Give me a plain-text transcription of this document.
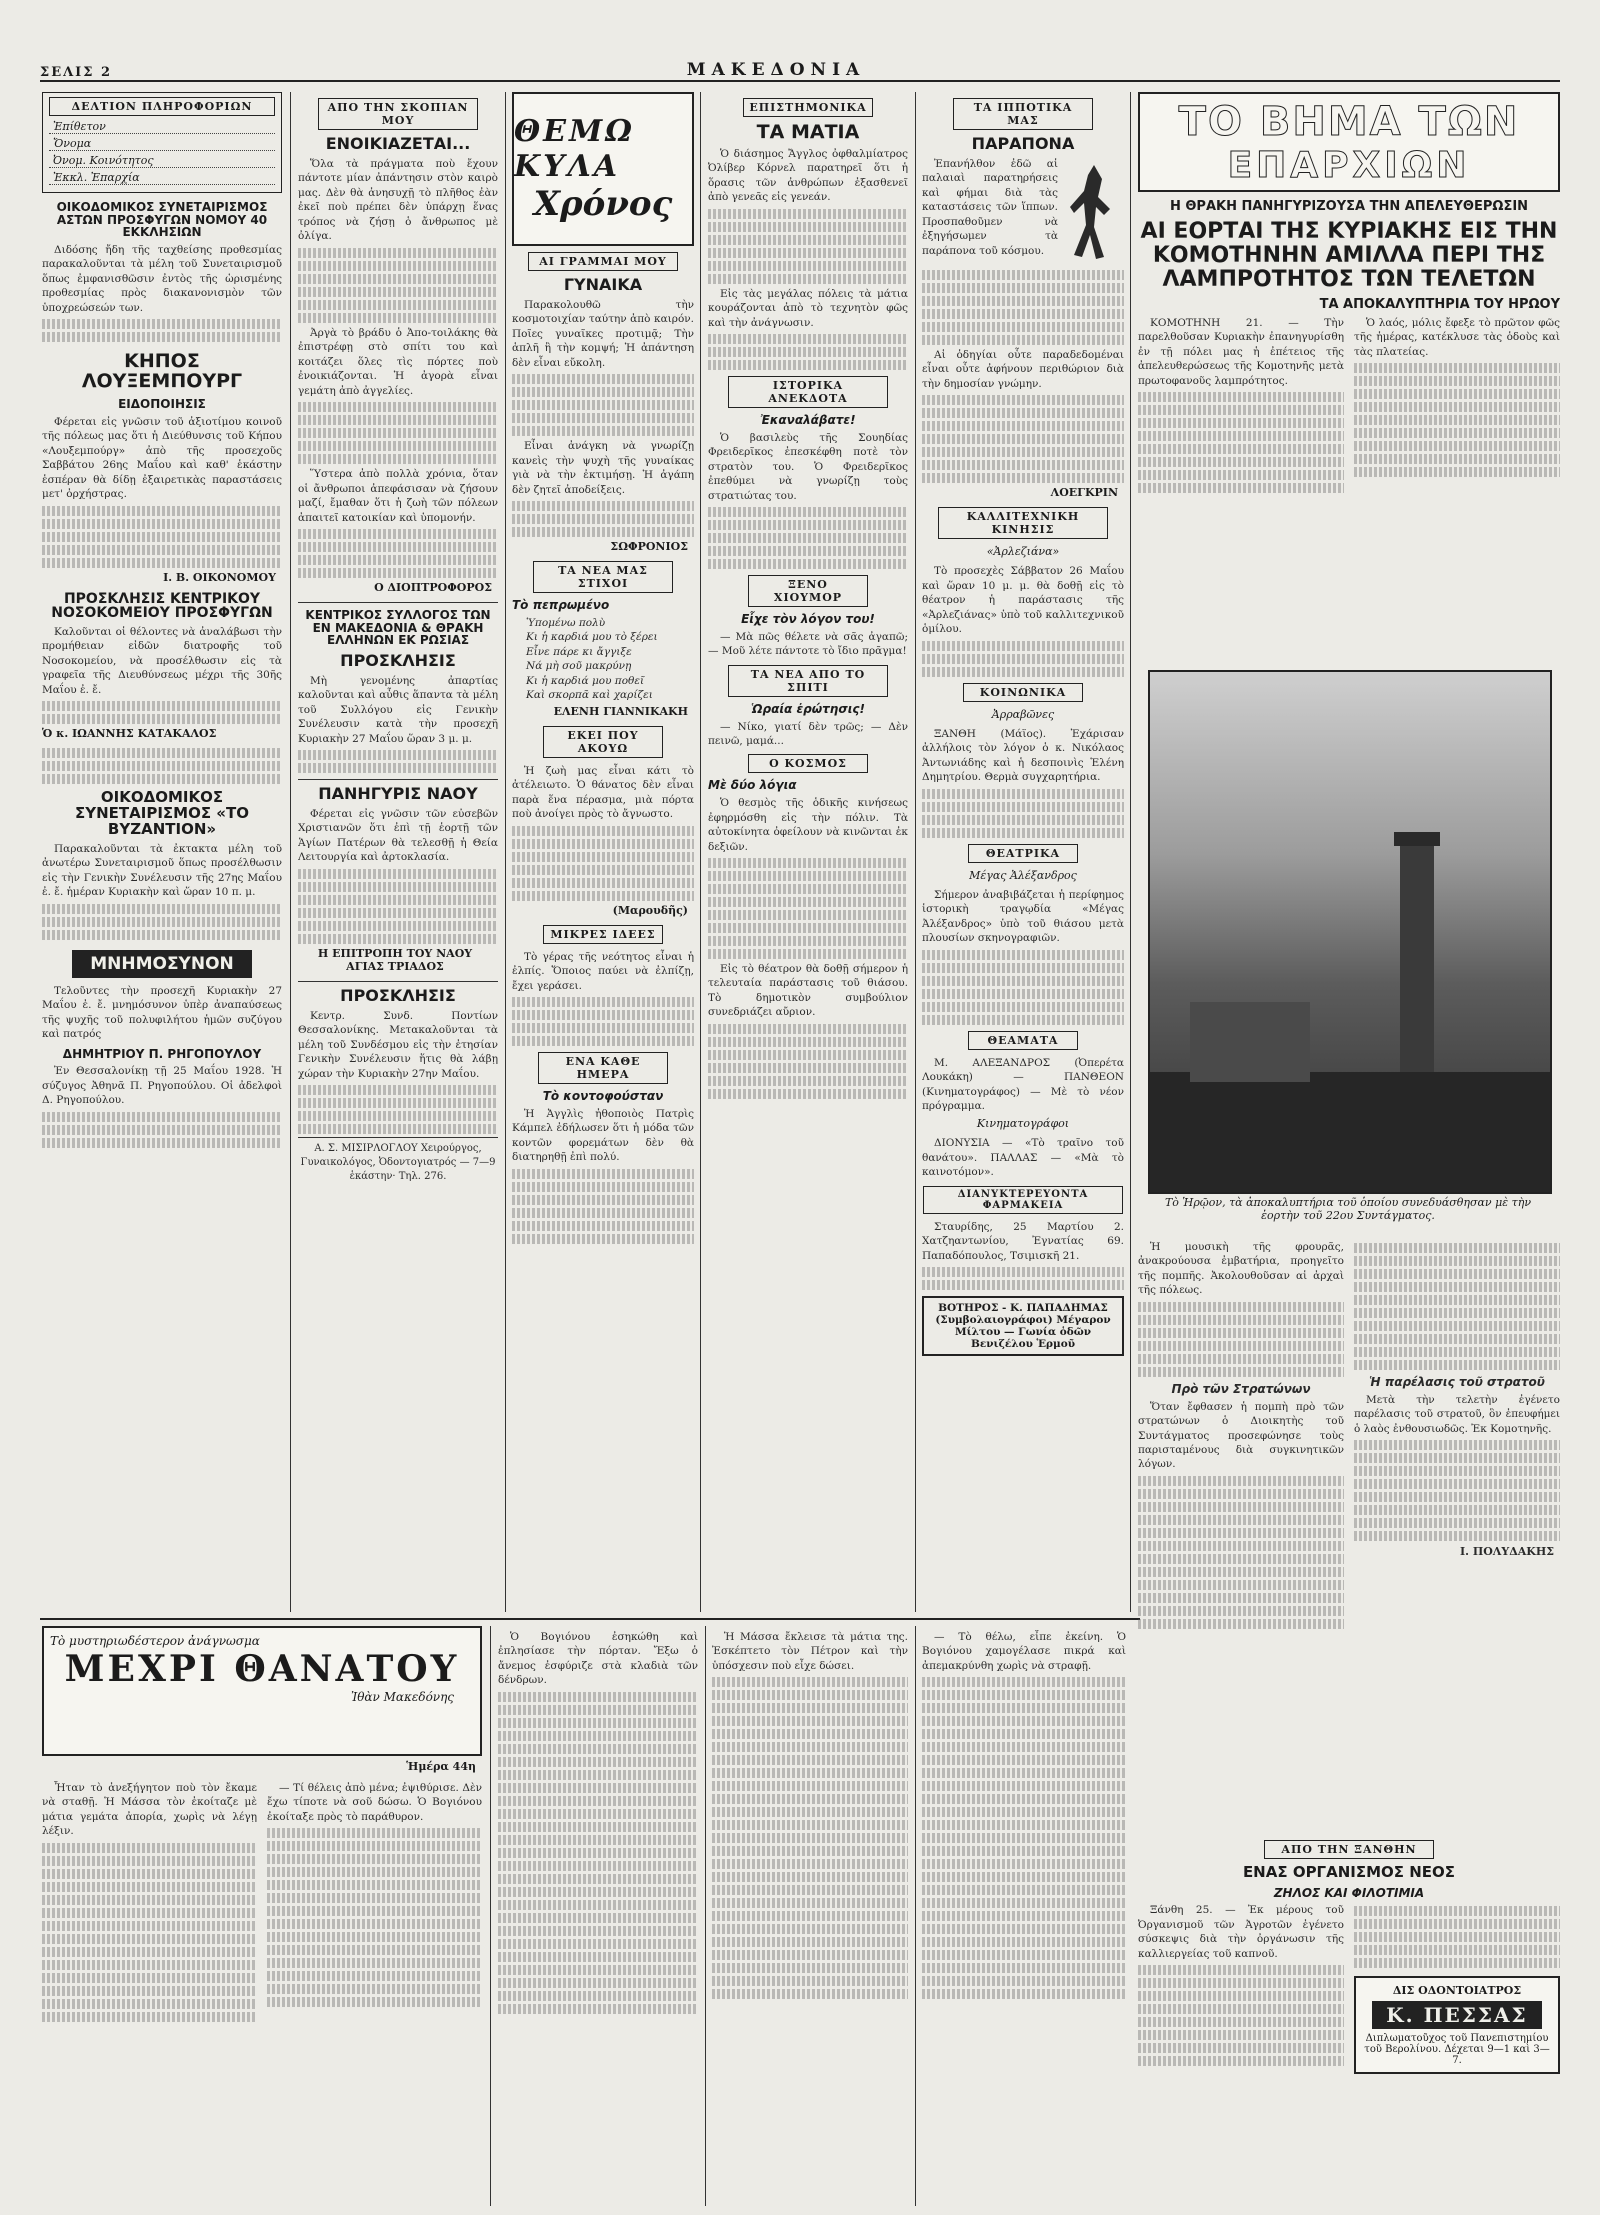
ΣΕΛΙΣ 2	ΜΑΚΕΔΟΝΙΑ
ΔΕΛΤΙΟΝ ΠΛΗΡΟΦΟΡΙΩΝ
Ἐπίθετον
Ὄνομα
Ὀνομ. Κοινότητος
Ἐκκλ. Ἐπαρχία
ΟΙΚΟΔΟΜΙΚΟΣ ΣΥΝΕΤΑΙΡΙΣΜΟΣ ΑΣΤΩΝ ΠΡΟΣΦΥΓΩΝ ΝΟΜΟΥ 40 ΕΚΚΛΗΣΙΩΝ

Διδόσης ἤδη τῆς ταχθείσης προθεσμίας παρακαλοῦνται τὰ μέλη τοῦ Συνεταιρισμοῦ ὅπως ἐμφανισθῶσιν ἐντὸς τῆς ὡρισμένης προθεσμίας πρὸς διακανονισμὸν τῶν ὑποχρεώσεών των.

ΚΗΠΟΣ ΛΟΥΞΕΜΠΟΥΡΓ
ΕΙΔΟΠΟΙΗΣΙΣ

Φέρεται εἰς γνῶσιν τοῦ ἀξιοτίμου κοινοῦ τῆς πόλεως μας ὅτι ἡ Διεύθυνσις τοῦ Κήπου «Λουξεμπούργ» ἀπὸ τῆς προσεχοῦς Σαββάτου 26ης Μαΐου καὶ καθ' ἑκάστην ἑσπέραν θὰ δίδῃ ἐξαιρετικὰς παραστάσεις μετ' ὀρχήστρας.

Ι. Β. ΟΙΚΟΝΟΜΟΥ
ΠΡΟΣΚΛΗΣΙΣ ΚΕΝΤΡΙΚΟΥ ΝΟΣΟΚΟΜΕΙΟΥ ΠΡΟΣΦΥΓΩΝ

Καλοῦνται οἱ θέλοντες νὰ ἀναλάβωσι τὴν προμήθειαν εἰδῶν διατροφῆς τοῦ Νοσοκομείου, νὰ προσέλθωσιν εἰς τὰ γραφεῖα τῆς Διευθύνσεως μέχρι τῆς 30ῆς Μαΐου ἐ. ἔ.

Ὁ κ. ΙΩΑΝΝΗΣ ΚΑΤΑΚΑΛΟΣ
ΟΙΚΟΔΟΜΙΚΟΣ ΣΥΝΕΤΑΙΡΙΣΜΟΣ «ΤΟ ΒΥΖΑΝΤΙΟΝ»

Παρακαλοῦνται τὰ ἐκτακτα μέλη τοῦ ἀνωτέρω Συνεταιρισμοῦ ὅπως προσέλθωσιν εἰς τὴν Γενικὴν Συνέλευσιν τῆς 27ης Μαΐου ἐ. ἔ. ἡμέραν Κυριακὴν καὶ ὥραν 10 π. μ.

ΜΝΗΜΟΣΥΝΟΝ

Τελοῦντες τὴν προσεχῆ Κυριακὴν 27 Μαΐου ἐ. ἔ. μνημόσυνον ὑπὲρ ἀναπαύσεως τῆς ψυχῆς τοῦ πολυφιλήτου ἡμῶν συζύγου καὶ πατρός

ΔΗΜΗΤΡΙΟΥ Π. ΡΗΓΟΠΟΥΛΟΥ

Ἐν Θεσσαλονίκῃ τῇ 25 Μαΐου 1928. Ἡ σύζυγος Ἀθηνᾶ Π. Ρηγοπούλου. Οἱ ἀδελφοὶ Δ. Ρηγοπούλου.

ΑΠΟ ΤΗΝ ΣΚΟΠΙΑΝ ΜΟΥ
ΕΝΟΙΚΙΑΖΕΤΑΙ...

Ὅλα τὰ πράγματα ποὺ ἔχουν πάντοτε μίαν ἀπάντησιν στὸν καιρὸ μας. Δὲν θὰ ἀνησυχῇ τὸ πλῆθος ἐὰν ἐκεῖ ποὺ πρέπει δὲν ὑπάρχῃ ἕνας τρόπος νὰ ζήσῃ ὁ ἄνθρωπος μὲ ὀλίγα.

Ἀργὰ τὸ βράδυ ὁ Ἀπο-τοιλάκης θὰ ἐπιστρέφῃ στὸ σπίτι του καὶ κοιτάζει ὅλες τὶς πόρτες ποὺ ἐνοικιάζονται. Ἡ ἀγορὰ εἶναι γεμάτη ἀπὸ ἀγγελίες.

Ὕστερα ἀπὸ πολλὰ χρόνια, ὅταν οἱ ἄνθρωποι ἀπεφάσισαν νὰ ζήσουν μαζί, ἔμαθαν ὅτι ἡ ζωὴ τῶν πόλεων ἀπαιτεῖ κατοικίαν καὶ ὑπομονήν.

Ο ΔΙΟΠΤΡΟΦΟΡΟΣ
ΚΕΝΤΡΙΚΟΣ ΣΥΛΛΟΓΟΣ ΤΩΝ ΕΝ ΜΑΚΕΔΟΝΙΑ & ΘΡΑΚΗ ΕΛΛΗΝΩΝ ΕΚ ΡΩΣΙΑΣ
ΠΡΟΣΚΛΗΣΙΣ

Μὴ γενομένης ἀπαρτίας καλοῦνται καὶ αὖθις ἅπαντα τὰ μέλη τοῦ Συλλόγου εἰς Γενικὴν Συνέλευσιν κατὰ τὴν προσεχῆ Κυριακὴν 27 Μαΐου ὥραν 3 μ. μ.

ΠΑΝΗΓΥΡΙΣ ΝΑΟΥ

Φέρεται εἰς γνῶσιν τῶν εὐσεβῶν Χριστιανῶν ὅτι ἐπὶ τῇ ἑορτῇ τῶν Ἁγίων Πατέρων θὰ τελεσθῇ ἡ Θεία Λειτουργία καὶ ἀρτοκλασία.

Η ΕΠΙΤΡΟΠΗ ΤΟΥ ΝΑΟΥ ΑΓΙΑΣ ΤΡΙΑΔΟΣ
ΠΡΟΣΚΛΗΣΙΣ

Κεντρ. Συνδ. Ποντίων Θεσσαλονίκης. Μετακαλοῦνται τὰ μέλη τοῦ Συνδέσμου εἰς τὴν ἐτησίαν Γενικὴν Συνέλευσιν ἥτις θὰ λάβῃ χώραν τὴν Κυριακὴν 27ην Μαΐου.

Α. Σ. ΜΙΣΙΡΛΟΓΛΟΥ Χειρούργος, Γυναικολόγος, Ὀδοντογιατρός — 7—9 ἑκάστην· Τηλ. 276.
ΘΕΜΩ ΚΥΛΑ
Χρόνος
ΑΙ ΓΡΑΜΜΑΙ ΜΟΥ
ΓΥΝΑΙΚΑ

Παρακολουθῶ τὴν κοσμοτοιχίαν ταύτην ἀπὸ καιρόν. Ποῖες γυναῖκες προτιμᾷ; Τὴν ἁπλῆ ἢ τὴν κομψή; Ἡ ἀπάντηση δὲν εἶναι εὔκολη.

Εἶναι ἀνάγκη νὰ γνωρίζῃ κανεὶς τὴν ψυχὴ τῆς γυναίκας γιὰ νὰ τὴν ἐκτιμήσῃ. Ἡ ἀγάπη δὲν ζητεῖ ἀποδείξεις.

ΣΩΦΡΟΝΙΟΣ
ΤΑ ΝΕΑ ΜΑΣ ΣΤΙΧΟΙ
Τὸ πεπρωμένο
Ὑπομένω πολὺ
Κι ἡ καρδιά μου τὸ ξέρει
Εἶνε πάρε κι ἄγγιξε
Νά μὴ σοῦ μακρύνῃ
Κι ἡ καρδιά μου ποθεῖ
Καὶ σκορπᾶ καὶ χαρίζει
ΕΛΕΝΗ ΓΙΑΝΝΙΚΑΚΗ
ΕΚΕΙ ΠΟΥ ΑΚΟΥΩ

Ἡ ζωὴ μας εἶναι κάτι τὸ ἀτέλειωτο. Ὁ θάνατος δὲν εἶναι παρὰ ἕνα πέρασμα, μιὰ πόρτα ποὺ ἀνοίγει πρὸς τὸ ἄγνωστο.

(Μαρουδῆς)
ΜΙΚΡΕΣ ΙΔΕΕΣ

Τὸ γέρας τῆς νεότητος εἶναι ἡ ἐλπίς. Ὅποιος παύει νὰ ἐλπίζῃ, ἔχει γεράσει.

ΕΝΑ ΚΑΘΕ ΗΜΕΡΑ
Τὸ κοντοφούσταν

Ἡ Ἀγγλὶς ἠθοποιὸς Πατρὶς Κάμπελ ἐδήλωσεν ὅτι ἡ μόδα τῶν κοντῶν φορεμάτων δὲν θὰ διατηρηθῇ ἐπὶ πολύ.

ΕΠΙΣΤΗΜΟΝΙΚΑ
ΤΑ ΜΑΤΙΑ

Ὁ διάσημος Ἄγγλος ὀφθαλμίατρος Ὀλίβερ Κόρνελ παρατηρεῖ ὅτι ἡ ὅρασις τῶν ἀνθρώπων ἐξασθενεῖ ἀπὸ γενεᾶς εἰς γενεάν.

Εἰς τὰς μεγάλας πόλεις τὰ μάτια κουράζονται ἀπὸ τὸ τεχνητὸν φῶς καὶ τὴν ἀνάγνωσιν.

ΙΣΤΟΡΙΚΑ ΑΝΕΚΔΟΤΑ
Ἐκαναλάβατε!

Ὁ βασιλεὺς τῆς Σουηδίας Φρειδερῖκος ἐπεσκέφθη ποτὲ τὸν στρατὸν του. Ὁ Φρειδερῖκος ἐπεθύμει νὰ γνωρίζῃ τοὺς στρατιώτας του.

ΞΕΝΟ ΧΙΟΥΜΟΡ
Εἶχε τὸν λόγον του!

— Μὰ πῶς θέλετε νὰ σᾶς ἀγαπῶ; — Μοῦ λέτε πάντοτε τὸ ἴδιο πρᾶγμα!

ΤΑ ΝΕΑ ΑΠΟ ΤΟ ΣΠΙΤΙ
Ὡραία ἐρώτησις!

— Νίκο, γιατί δὲν τρῶς; — Δὲν πεινῶ, μαμά...

Ο ΚΟΣΜΟΣ
Μὲ δύο λόγια

Ὁ θεσμὸς τῆς ὁδικῆς κινήσεως ἐφηρμόσθη εἰς τὴν πόλιν. Τὰ αὐτοκίνητα ὀφείλουν νὰ κινῶνται ἐκ δεξιῶν.

Εἰς τὸ θέατρον θὰ δοθῇ σήμερον ἡ τελευταία παράστασις τοῦ θιάσου. Τὸ δημοτικὸν συμβούλιον συνεδριάζει αὔριον.

ΤΑ ΙΠΠΟΤΙΚΑ ΜΑΣ
ΠΑΡΑΠΟΝΑ

Ἐπανήλθον ἐδῶ αἱ παλαιαὶ παρατηρήσεις καὶ φήμαι διὰ τὰς καταστάσεις τῶν ἵππων. Προσπαθοῦμεν νὰ ἐξηγήσωμεν τὰ παράπονα τοῦ κόσμου.

Αἱ ὁδηγίαι οὗτε παραδεδομέναι εἶναι οὗτε ἀφήνουν περιθώριον διὰ τὴν δημοσίαν γνώμην.

ΛΟΕΓΚΡΙΝ
ΚΑΛΛΙΤΕΧΝΙΚΗ ΚΙΝΗΣΙΣ
«Ἀρλεζιάνα»

Τὸ προσεχὲς Σάββατον 26 Μαΐου καὶ ὥραν 10 μ. μ. θὰ δοθῇ εἰς τὸ θέατρον ἡ παράστασις τῆς «Ἀρλεζιάνας» ὑπὸ τοῦ καλλιτεχνικοῦ ὁμίλου.

ΚΟΙΝΩΝΙΚΑ
Ἀρραβῶνες

ΞΑΝΘΗ (Μάϊος). Ἐχάρισαν ἀλλήλοις τὸν λόγον ὁ κ. Νικόλαος Ἀντωνιάδης καὶ ἡ δεσποινὶς Ἑλένη Δημητρίου. Θερμὰ συγχαρητήρια.

ΘΕΑΤΡΙΚΑ
Μέγας Ἀλέξανδρος

Σήμερον ἀναβιβάζεται ἡ περίφημος ἱστορικὴ τραγῳδία «Μέγας Ἀλέξανδρος» ὑπὸ τοῦ θιάσου μετὰ πλουσίων σκηνογραφιῶν.

ΘΕΑΜΑΤΑ

Μ. ΑΛΕΞΑΝΔΡΟΣ (Ὀπερέτα Λουκάκη) — ΠΑΝΘΕΟΝ (Κινηματογράφος) — Μὲ τὸ νέον πρόγραμμα.

Κινηματογράφοι

ΔΙΟΝΥΣΙΑ — «Τὸ τραῖνο τοῦ θανάτου». ΠΑΛΛΑΣ — «Μὰ τὸ καινοτόμον».

ΔΙΑΝΥΚΤΕΡΕΥΟΝΤΑ ΦΑΡΜΑΚΕΙΑ

Σταυρίδης, 25 Μαρτίου 2. Χατζηαντωνίου, Ἐγνατίας 69. Παπαδόπουλος, Τσιμισκῆ 21.

ΒΟΤΗΡΟΣ - Κ. ΠΑΠΑΔΗΜΑΣ (Συμβολαιογράφοι) Μέγαρον Μίλτου — Γωνία ὁδῶν Βενιζέλου Ἑρμοῦ
ΤΟ ΒΗΜΑ ΤΩΝ
ΕΠΑΡΧΙΩΝ
Η ΘΡΑΚΗ ΠΑΝΗΓΥΡΙΖΟΥΣΑ ΤΗΝ ΑΠΕΛΕΥΘΕΡΩΣΙΝ
ΑΙ ΕΟΡΤΑΙ ΤΗΣ ΚΥΡΙΑΚΗΣ ΕΙΣ ΤΗΝ ΚΟΜΟΤΗΝΗΝ ΑΜΙΛΛΑ ΠΕΡΙ ΤΗΣ ΛΑΜΠΡΟΤΗΤΟΣ ΤΩΝ ΤΕΛΕΤΩΝ
ΤΑ ΑΠΟΚΑΛΥΠΤΗΡΙΑ ΤΟΥ ΗΡΩΟΥ

ΚΟΜΟΤΗΝΗ 21. — Τὴν παρελθοῦσαν Κυριακὴν ἐπανηγυρίσθη ἐν τῇ πόλει μας ἡ ἐπέτειος τῆς ἀπελευθερώσεως τῆς Κομοτηνῆς μετὰ πρωτοφανοῦς λαμπρότητος.

Ὁ λαός, μόλις ἔφεξε τὸ πρῶτον φῶς τῆς ἡμέρας, κατέκλυσε τὰς ὁδοὺς καὶ τὰς πλατείας.

Τὸ Ἡρῷον, τὰ ἀποκαλυπτήρια τοῦ ὁποίου συνεδυάσθησαν μὲ τὴν ἑορτὴν τοῦ 22ου Συντάγματος.

Ἡ μουσικὴ τῆς φρουρᾶς, ἀνακρούουσα ἐμβατήρια, προηγεῖτο τῆς πομπῆς. Ἀκολουθοῦσαν αἱ ἀρχαὶ τῆς πόλεως.

Πρὸ τῶν Στρατώνων

Ὅταν ἔφθασεν ἡ πομπὴ πρὸ τῶν στρατώνων ὁ Διοικητὴς τοῦ Συντάγματος προσεφώνησε τοὺς παρισταμένους διὰ συγκινητικῶν λόγων.

Ἡ παρέλασις τοῦ στρατοῦ

Μετὰ τὴν τελετὴν ἐγένετο παρέλασις τοῦ στρατοῦ, ὃν ἐπευφήμει ὁ λαὸς ἐνθουσιωδῶς. Ἐκ Κομοτηνῆς.

Ι. ΠΟΛΥΔΑΚΗΣ
Τὸ μυστηριωδέστερον ἀνάγνωσμα
ΜΕΧΡΙ ΘΑΝΑΤΟΥ
Ἰθὰν Μακεδόνης
Ἡμέρα 44η

Ἦταν τὸ ἀνεξήγητον ποὺ τὸν ἔκαμε νὰ σταθῇ. Ἡ Μάσσα τὸν ἐκοίταζε μὲ μάτια γεμάτα ἀπορία, χωρὶς νὰ λέγῃ λέξιν.

— Τί θέλεις ἀπὸ μένα; ἐψιθύρισε. Δὲν ἔχω τίποτε νὰ σοῦ δώσω. Ὁ Βογιόνου ἐκοίταξε πρὸς τὸ παράθυρον.

Ὁ Βογιόνου ἐσηκώθη καὶ ἐπλησίασε τὴν πόρταν. Ἔξω ὁ ἄνεμος ἐσφύριζε στὰ κλαδιὰ τῶν δένδρων.

Ἡ Μάσσα ἔκλεισε τὰ μάτια της. Ἐσκέπτετο τὸν Πέτρον καὶ τὴν ὑπόσχεσιν ποὺ εἶχε δώσει.

— Τὸ θέλω, εἶπε ἐκείνη. Ὁ Βογιόνου χαμογέλασε πικρά καὶ ἀπεμακρύνθη χωρὶς νὰ στραφῇ.

ΑΠΟ ΤΗΝ ΞΑΝΘΗΝ
ΕΝΑΣ ΟΡΓΑΝΙΣΜΟΣ ΝΕΟΣ
ΖΗΛΟΣ ΚΑΙ ΦΙΛΟΤΙΜΙΑ

Ξάνθη 25. — Ἐκ μέρους τοῦ Ὀργανισμοῦ τῶν Ἀγροτῶν ἐγένετο σύσκεψις διὰ τὴν ὀργάνωσιν τῆς καλλιεργείας τοῦ καπνοῦ.

ΔΙΣ ΟΔΟΝΤΟΙΑΤΡΟΣ
Κ. ΠΕΣΣΑΣ
Διπλωματοῦχος τοῦ Πανεπιστημίου τοῦ Βερολίνου. Δέχεται 9—1 καὶ 3—7.
